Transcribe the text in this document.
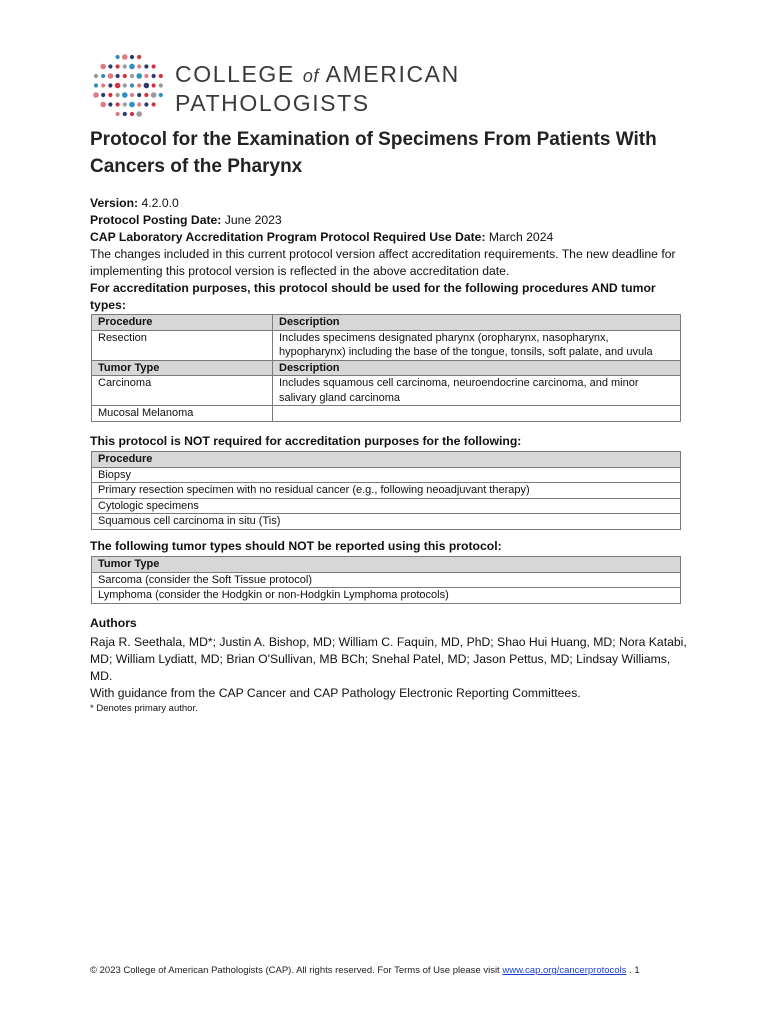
COLLEGE of AMERICAN
PATHOLOGISTS
Protocol for the Examination of Specimens From Patients With Cancers of the Pharynx

Version: 4.2.0.0

Protocol Posting Date: June 2023

CAP Laboratory Accreditation Program Protocol Required Use Date: March 2024

The changes included in this current protocol version affect accreditation requirements. The new deadline for implementing this protocol version is reflected in the above accreditation date.

For accreditation purposes, this protocol should be used for the following procedures AND tumor types:

Procedure	Description
Resection	Includes specimens designated pharynx (oropharynx, nasopharynx, hypopharynx) including the base of the tongue, tonsils, soft palate, and uvula
Tumor Type	Description
Carcinoma	Includes squamous cell carcinoma, neuroendocrine carcinoma, and minor salivary gland carcinoma
Mucosal Melanoma	
This protocol is NOT required for accreditation purposes for the following:
Procedure
Biopsy
Primary resection specimen with no residual cancer (e.g., following neoadjuvant therapy)
Cytologic specimens
Squamous cell carcinoma in situ (Tis)
The following tumor types should NOT be reported using this protocol:
Tumor Type
Sarcoma (consider the Soft Tissue protocol)
Lymphoma (consider the Hodgkin or non-Hodgkin Lymphoma protocols)

Authors

Raja R. Seethala, MD*; Justin A. Bishop, MD; William C. Faquin, MD, PhD; Shao Hui Huang, MD; Nora Katabi, MD; William Lydiatt, MD; Brian O'Sullivan, MB BCh; Snehal Patel, MD; Jason Pettus, MD; Lindsay Williams, MD.

With guidance from the CAP Cancer and CAP Pathology Electronic Reporting Committees.

* Denotes primary author.

© 2023 College of American Pathologists (CAP). All rights reserved. For Terms of Use please visit www.cap.org/cancerprotocols . 1
